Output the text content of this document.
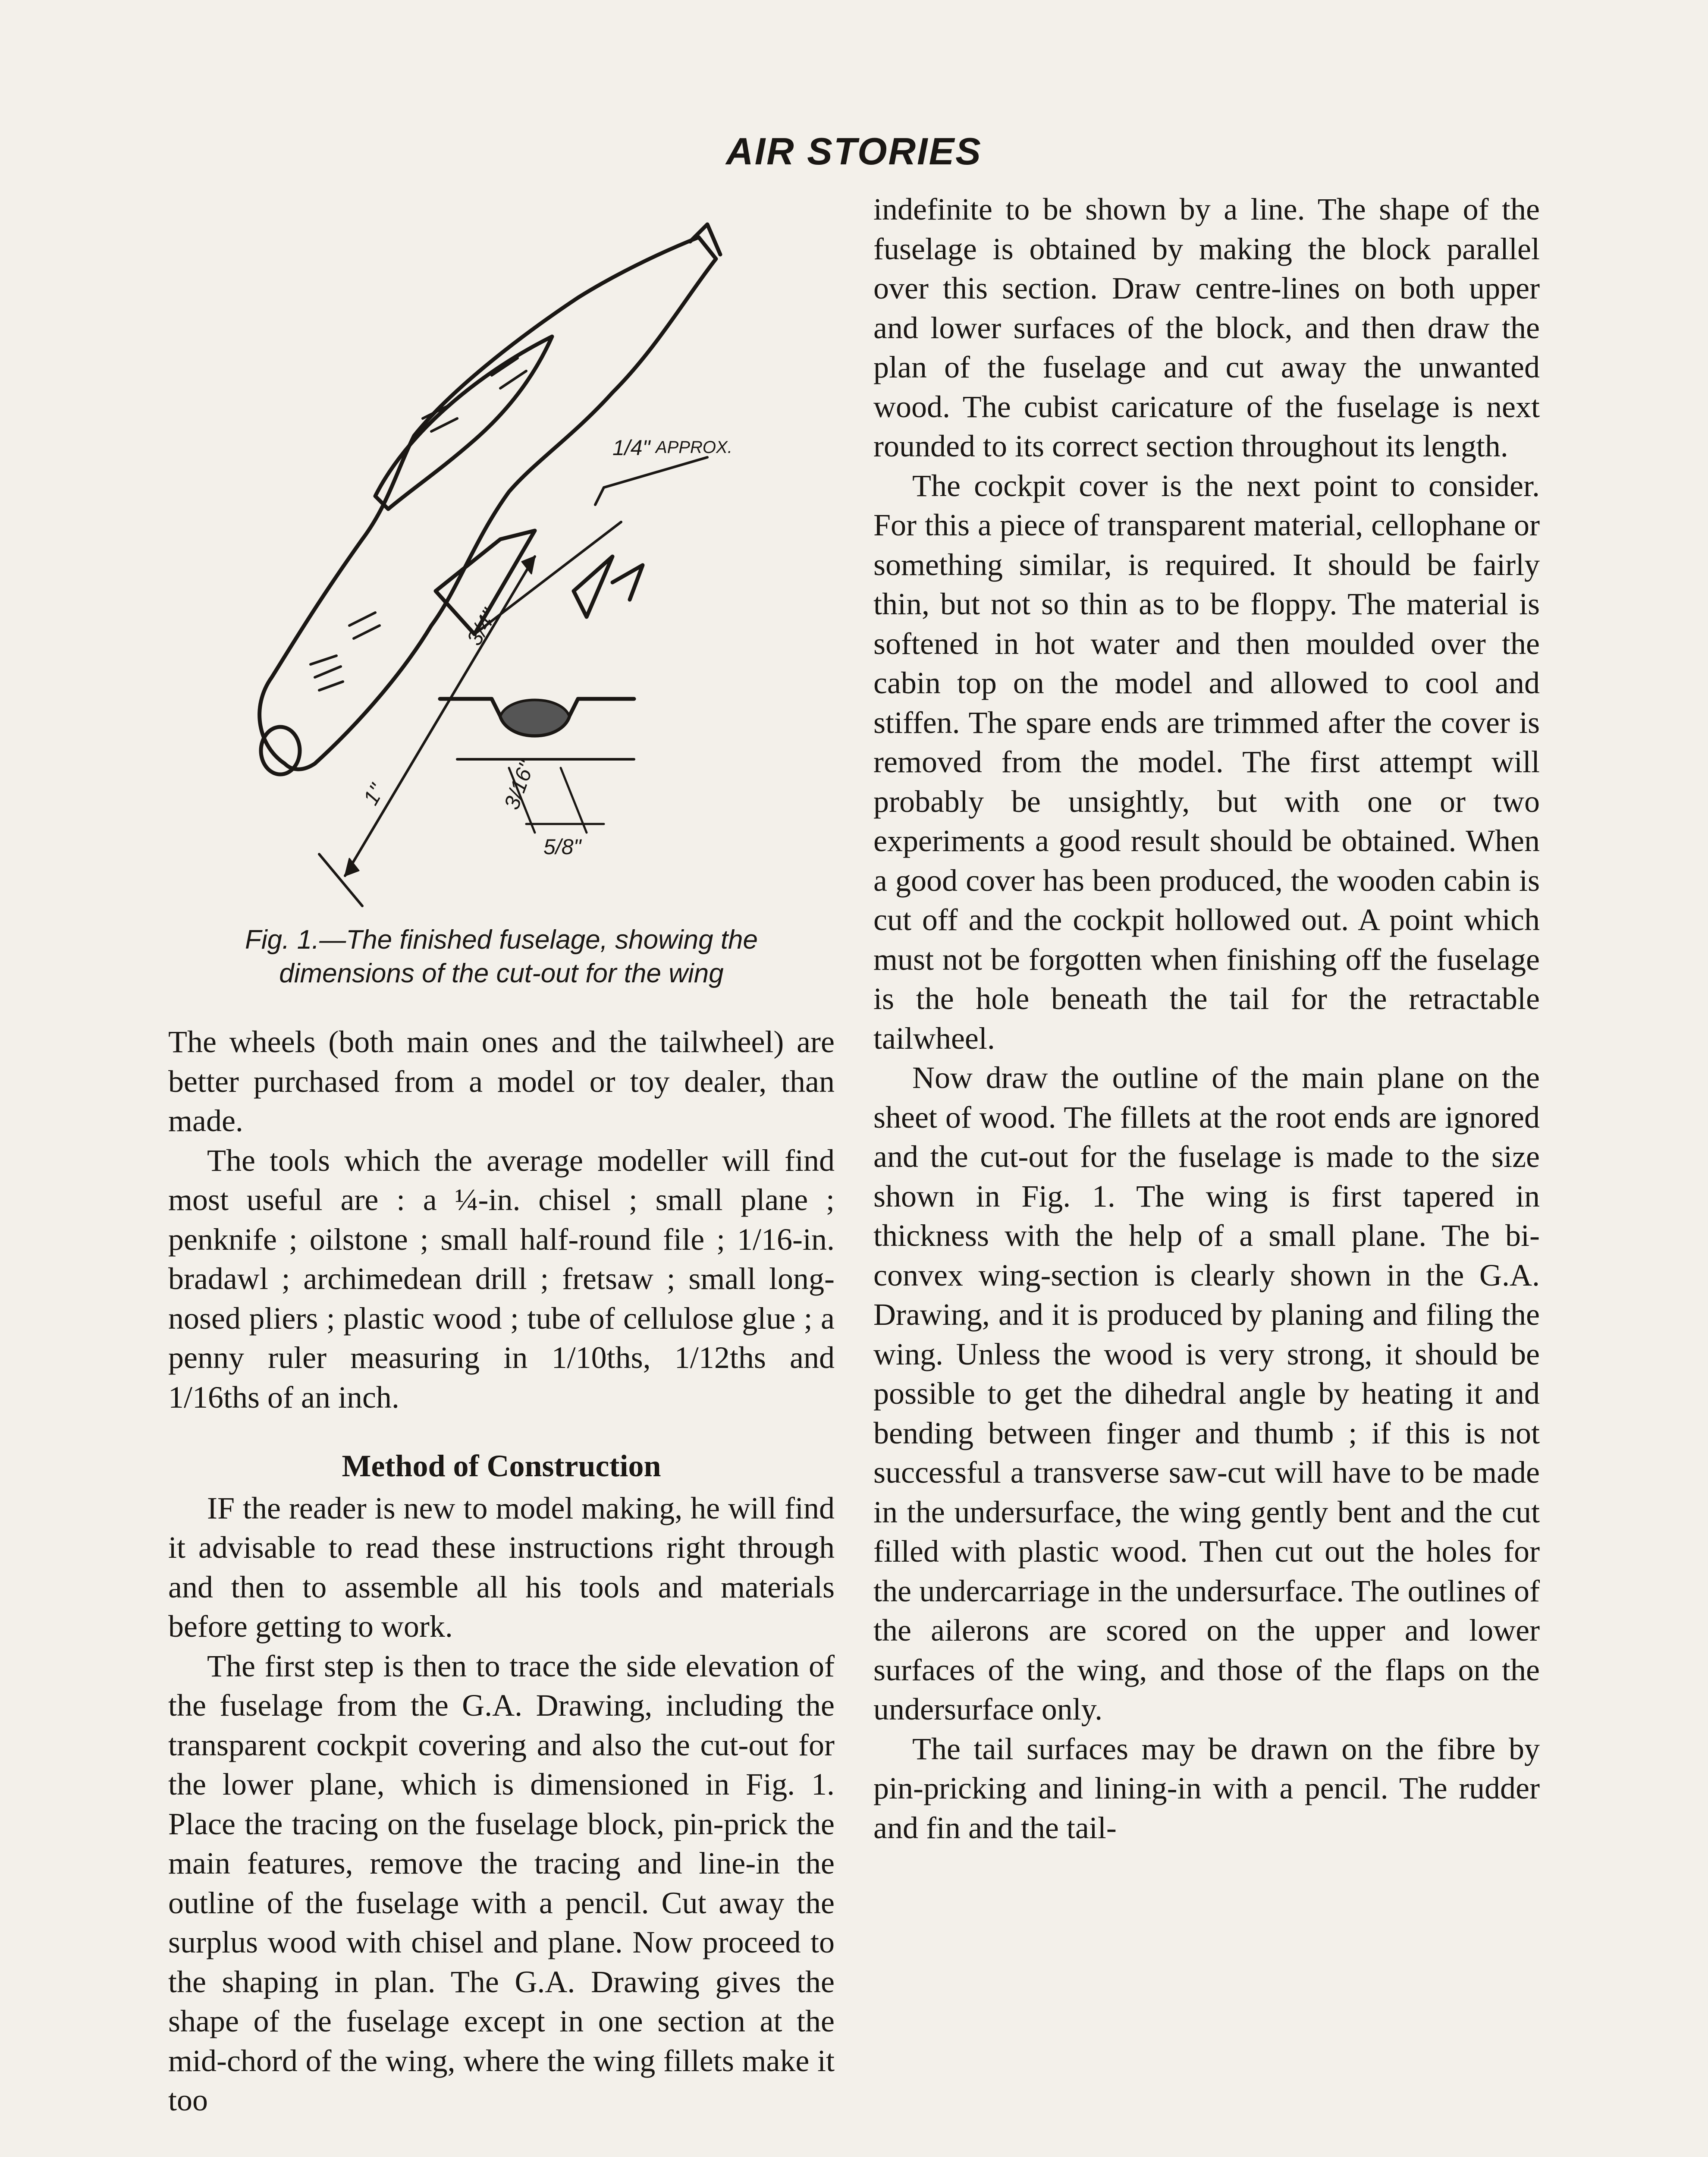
AIR STORIES
1/4" APPROX.
3/4"
1"	3/16"
5/8"
Fig. 1.—The finished fuselage, showing the
dimensions of the cut-out for the wing

The wheels (both main ones and the tailwheel) are better purchased from a model or toy dealer, than made.

The tools which the average modeller will find most useful are : a ¼-in. chisel ; small plane ; penknife ; oilstone ; small half-round file ; 1/16-in. bradawl ; archimedean drill ; fretsaw ; small long-nosed pliers ; plastic wood ; tube of cellulose glue ; a penny ruler measuring in 1/10ths, 1/12ths and 1/16ths of an inch.

Method of Construction

IF the reader is new to model making, he will find it advisable to read these instructions right through and then to assemble all his tools and materials before getting to work.

The first step is then to trace the side elevation of the fuselage from the G.A. Drawing, including the transparent cockpit covering and also the cut-out for the lower plane, which is dimensioned in Fig. 1. Place the tracing on the fuselage block, pin-prick the main features, remove the tracing and line-in the outline of the fuselage with a pencil. Cut away the surplus wood with chisel and plane. Now proceed to the shaping in plan. The G.A. Drawing gives the shape of the fuselage except in one section at the mid-chord of the wing, where the wing fillets make it too

indefinite to be shown by a line. The shape of the fuselage is obtained by making the block parallel over this section. Draw centre-lines on both upper and lower surfaces of the block, and then draw the plan of the fuselage and cut away the unwanted wood. The cubist caricature of the fuselage is next rounded to its correct section throughout its length.

The cockpit cover is the next point to consider. For this a piece of transparent material, cellophane or something similar, is required. It should be fairly thin, but not so thin as to be floppy. The material is softened in hot water and then moulded over the cabin top on the model and allowed to cool and stiffen. The spare ends are trimmed after the cover is removed from the model. The first attempt will probably be unsightly, but with one or two experiments a good result should be obtained. When a good cover has been produced, the wooden cabin is cut off and the cockpit hollowed out. A point which must not be forgotten when finishing off the fuselage is the hole beneath the tail for the retractable tailwheel.

Now draw the outline of the main plane on the sheet of wood. The fillets at the root ends are ignored and the cut-out for the fuselage is made to the size shown in Fig. 1. The wing is first tapered in thickness with the help of a small plane. The bi-convex wing-section is clearly shown in the G.A. Drawing, and it is produced by planing and filing the wing. Unless the wood is very strong, it should be possible to get the dihedral angle by heating it and bending between finger and thumb ; if this is not successful a transverse saw-cut will have to be made in the undersurface, the wing gently bent and the cut filled with plastic wood. Then cut out the holes for the undercarriage in the undersurface. The outlines of the ailerons are scored on the upper and lower surfaces of the wing, and those of the flaps on the undersurface only.

The tail surfaces may be drawn on the fibre by pin-pricking and lining-in with a pencil. The rudder and fin and the tail-
